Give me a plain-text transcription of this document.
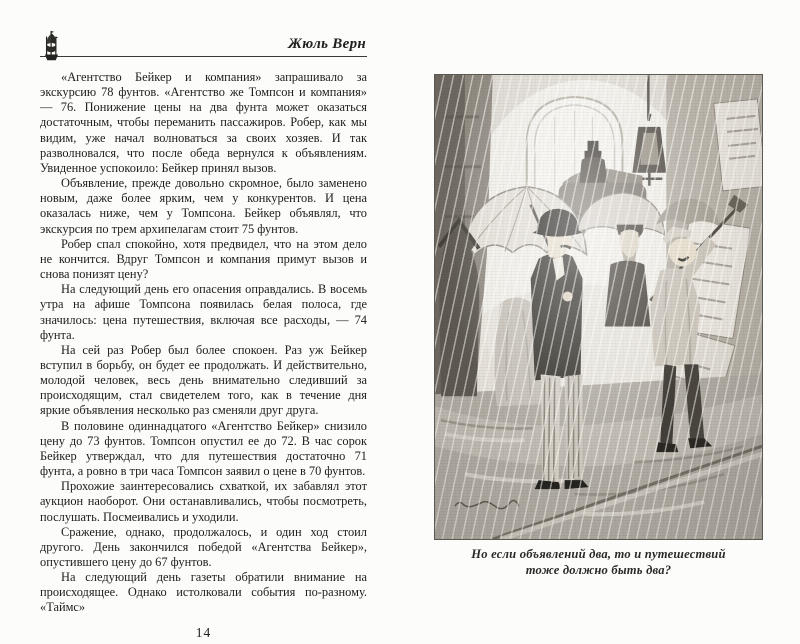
Жюль Верн

«Агентство Бейкер и компания» запрашивало за экскурсию 78 фунтов. «Агентство же Томпсон и компания» — 76. Понижение цены на два фунта может оказаться достаточным, чтобы переманить пассажиров. Робер, как мы видим, уже начал волноваться за своих хозяев. И так разволновался, что после обеда вернулся к объявлениям. Увиденное успокоило: Бейкер принял вызов.

Объявление, прежде довольно скромное, было заменено новым, даже более ярким, чем у конкурентов. И цена оказалась ниже, чем у Томпсона. Бейкер объявлял, что экскурсия по трем архипелагам стоит 75 фунтов.

Робер спал спокойно, хотя предвидел, что на этом дело не кончится. Вдруг Томпсон и компания примут вызов и снова понизят цену?

На следующий день его опасения оправдались. В восемь утра на афише Томпсона появилась белая полоса, где значилось: цена путешествия, включая все расходы, — 74 фунта.

На сей раз Робер был более спокоен. Раз уж Бейкер вступил в борьбу, он будет ее продолжать. И действительно, молодой человек, весь день внимательно следивший за происходящим, стал свидетелем того, как в течение дня яркие объявления несколько раз сменяли друг друга.

В половине одиннадцатого «Агентство Бейкер» снизило цену до 73 фунтов. Томпсон опустил ее до 72. В час сорок Бейкер утверждал, что для путешествия достаточно 71 фунта, а ровно в три часа Томпсон заявил о цене в 70 фунтов.

Прохожие заинтересовались схваткой, их забавлял этот аукцион наоборот. Они останавливались, чтобы посмотреть, послушать. Посмеивались и уходили.

Сражение, однако, продолжалось, и один ход стоил другого. День закончился победой «Агентства Бейкер», опустившего цену до 67 фунтов.

На следующий день газеты обратили внимание на происходящее. Однако истолковали события по-разному. «Таймс»

14
Но если объявлений два, то и путешествий
тоже должно быть два?
